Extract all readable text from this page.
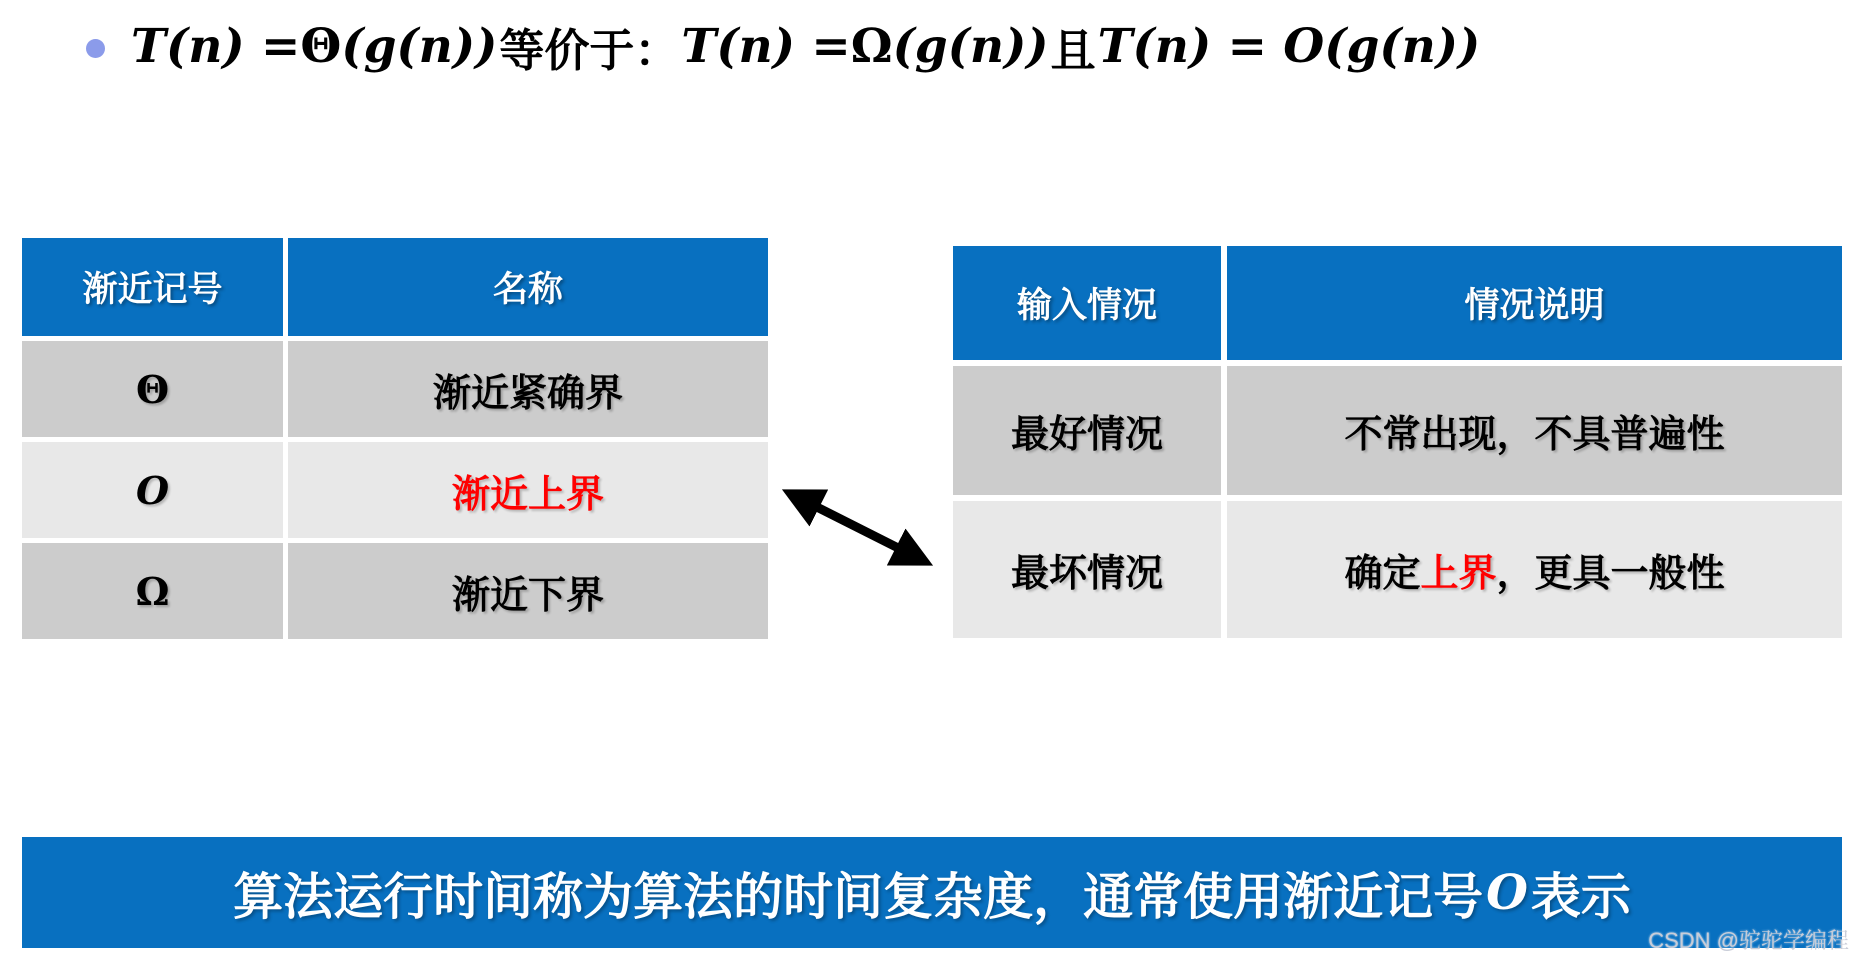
T(n) = Θ (g(n)) 等价于： T(n) = Ω (g(n)) 且 T(n) = O(g(n))
渐近记号	名称
Θ	渐近紧确界
O	渐近上界
Ω	渐近下界
输入情况	情况说明
最好情况	不常出现，不具普遍性
最坏情况	确定 上界 ，更具一般性
算法运行时间称为算法的时间复杂度，通常使用渐近记号 O 表示
CSDN @驼驼学编程
